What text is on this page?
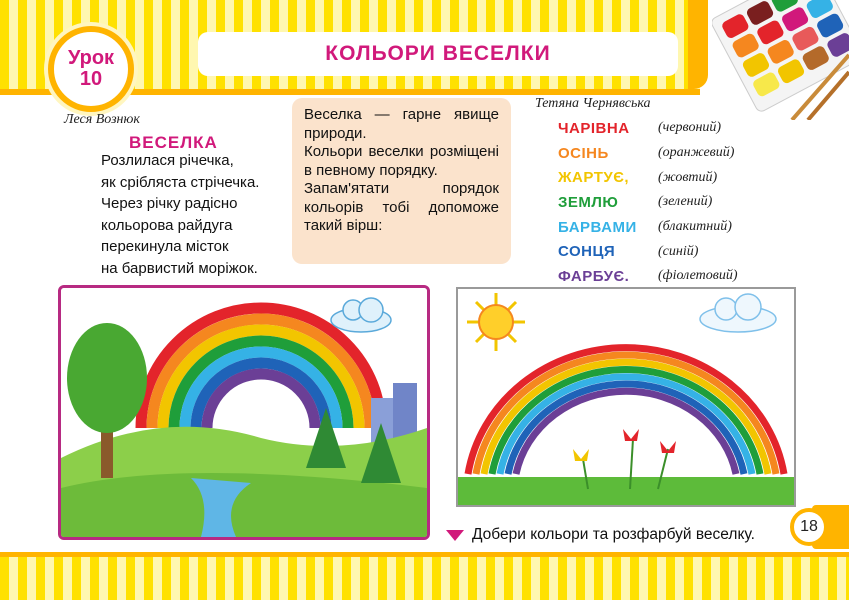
КОЛЬОРИ ВЕСЕЛКИ
Урок
10
Леся Вознюк
ВЕСЕЛКА
Розлилася річечка,
як срібляста стрічечка.
Через річку радісно
кольорова райдуга
перекинула місток
на барвистий моріжок.

Веселка — гарне явище природи.

Кольори веселки розміщені в певному порядку.

Запам'ятати порядок кольорів тобі допоможе такий вірш:

Тетяна Чернявська
ЧАРІВНА	(червоний)
ОСІНЬ	(оранжевий)
ЖАРТУЄ,	(жовтий)
ЗЕМЛЮ	(зелений)
БАРВАМИ	(блакитний)
СОНЦЯ	(синій)
ФАРБУЄ.	(фіолетовий)
Добери кольори та розфарбуй веселку.	18
